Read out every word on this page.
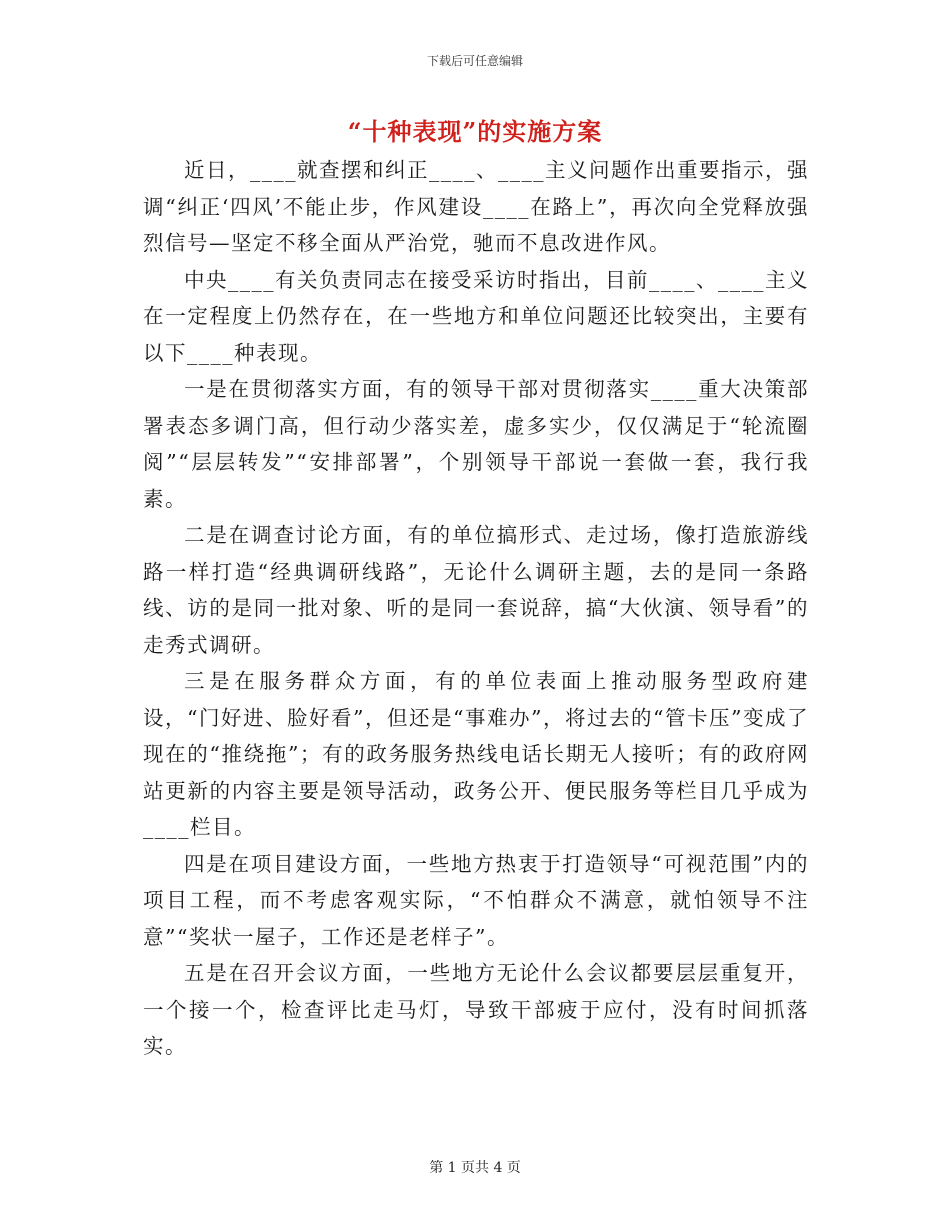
下载后可任意编辑
“十种表现”的实施方案

近日，____就查摆和纠正____、____主义问题作出重要指示，强调“纠正‘四风’不能止步，作风建设____在路上”，再次向全党释放强烈信号—坚定不移全面从严治党，驰而不息改进作风。

中央____有关负责同志在接受采访时指出，目前____、____主义在一定程度上仍然存在，在一些地方和单位问题还比较突出，主要有以下____种表现。

一是在贯彻落实方面，有的领导干部对贯彻落实____重大决策部署表态多调门高，但行动少落实差，虚多实少，仅仅满足于“轮流圈阅”“层层转发”“安排部署”，个别领导干部说一套做一套，我行我素。

二是在调查讨论方面，有的单位搞形式、走过场，像打造旅游线路一样打造“经典调研线路”，无论什么调研主题，去的是同一条路线、访的是同一批对象、听的是同一套说辞，搞“大伙演、领导看”的走秀式调研。

三是在服务群众方面，有的单位表面上推动服务型政府建设，“门好进、脸好看”，但还是“事难办”，将过去的“管卡压”变成了现在的“推绕拖”；有的政务服务热线电话长期无人接听；有的政府网站更新的内容主要是领导活动，政务公开、便民服务等栏目几乎成为____栏目。

四是在项目建设方面，一些地方热衷于打造领导“可视范围”内的项目工程，而不考虑客观实际，“不怕群众不满意，就怕领导不注意”“奖状一屋子，工作还是老样子”。

五是在召开会议方面，一些地方无论什么会议都要层层重复开，一个接一个，检查评比走马灯，导致干部疲于应付，没有时间抓落实。

第 1 页共 4 页
